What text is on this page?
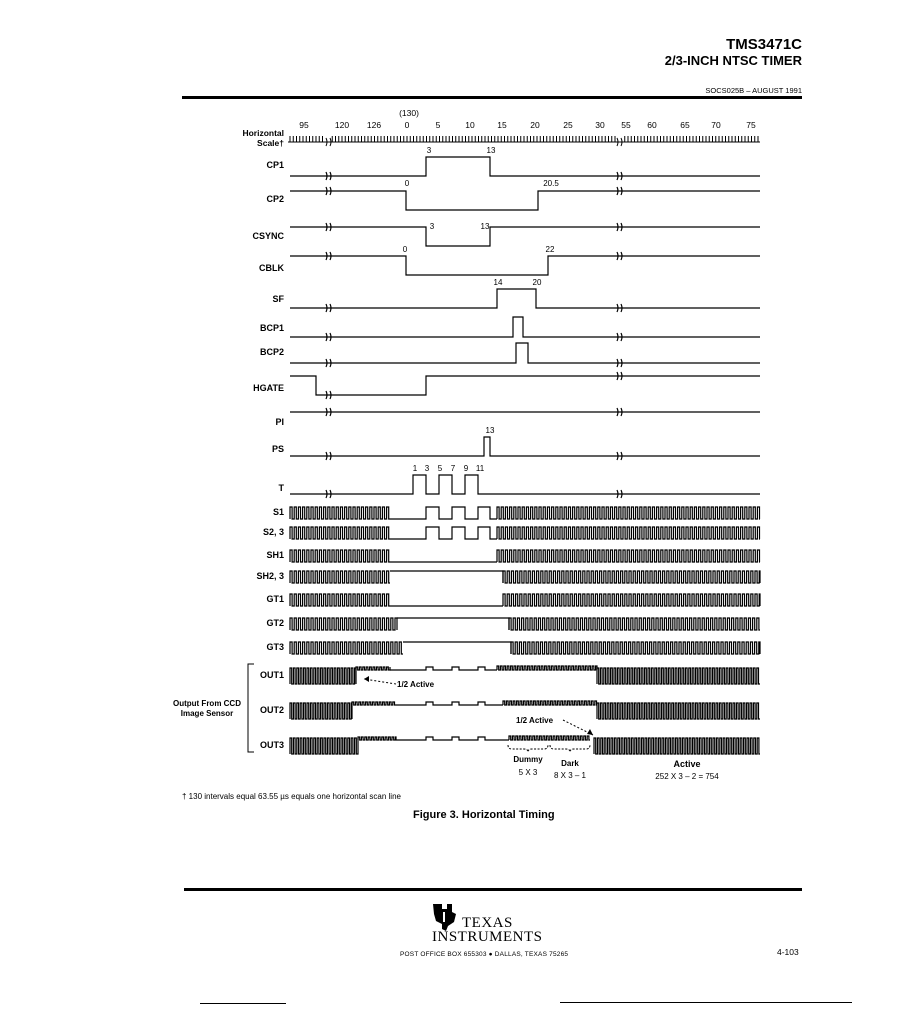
TMS3471C
2/3-INCH NTSC TIMER
SOCS025B – AUGUST 1991
(130)
Horizontal Scale†
95	120	126	0	5	10	15	20	25	30	55	60	65	70	75
CP1
CP2
CSYNC
CBLK
SF
BCP1
BCP2
HGATE
PI
PS
T
S1
S2, 3
SH1
SH2, 3
GT1
GT2
GT3
OUT1
OUT2
OUT3
3	13
0	20.5
3	13
0	22
14	20
13
1 3	5	7	9 11
Output From CCD Image Sensor
1/2 Active
1/2 Active
Dummy
5 X 3
Dark
8 X 3 – 1
Active
252 X 3 – 2 = 754
† 130 intervals equal 63.55 µs equals one horizontal scan line
Figure 3. Horizontal Timing
TEXAS
INSTRUMENTS
POST OFFICE BOX 655303 ● DALLAS, TEXAS 75265	4-103
